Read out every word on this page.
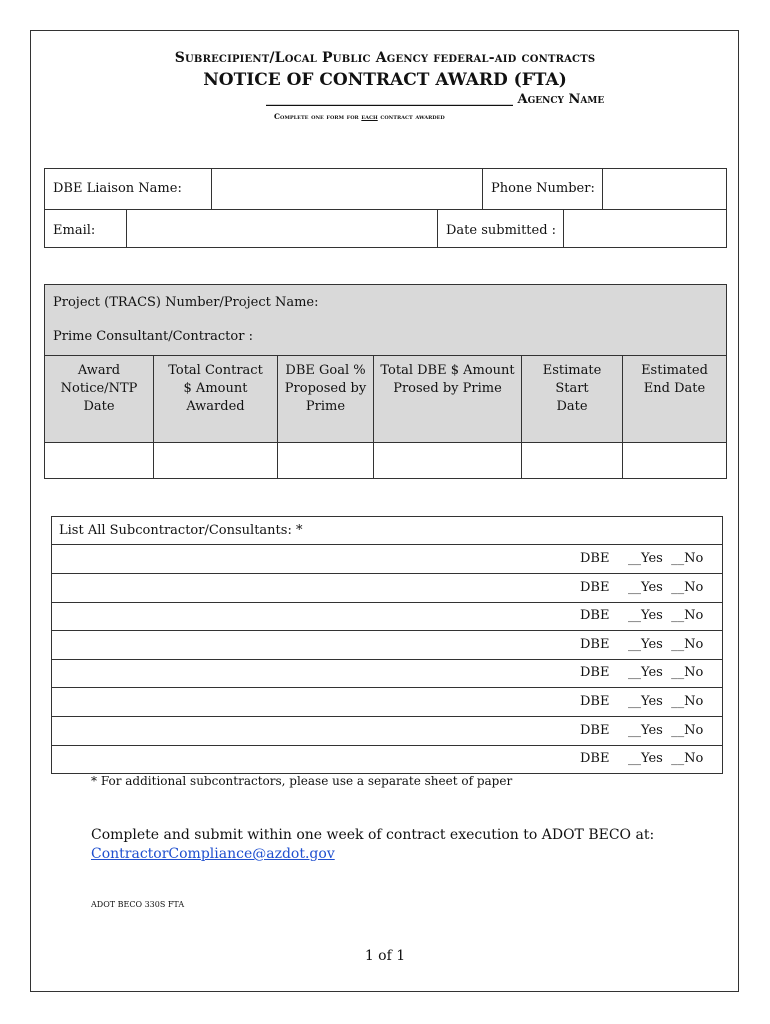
Subrecipient/Local Public Agency federal-aid contracts
NOTICE OF CONTRACT AWARD (FTA)
______________________________________ Agency Name
Complete one form for each contract awarded
DBE Liaison Name:	Phone Number:
Email:	Date submitted :
Project (TRACS) Number/Project Name:
Prime Consultant/Contractor :
Award Notice/NTP Date
Total Contract $ Amount Awarded
DBE Goal % Proposed by Prime
Total DBE $ Amount Prosed by Prime
Estimate Start Date
Estimated End Date
List All Subcontractor/Consultants: *
DBE __Yes  __No
DBE __Yes  __No
DBE __Yes  __No
DBE __Yes  __No
DBE __Yes  __No
DBE __Yes  __No
DBE __Yes  __No
DBE __Yes  __No
* For additional subcontractors, please use a separate sheet of paper
Complete and submit within one week of contract execution to ADOT BECO at:
ContractorCompliance@azdot.gov
ADOT BECO 330S FTA
1 of 1
